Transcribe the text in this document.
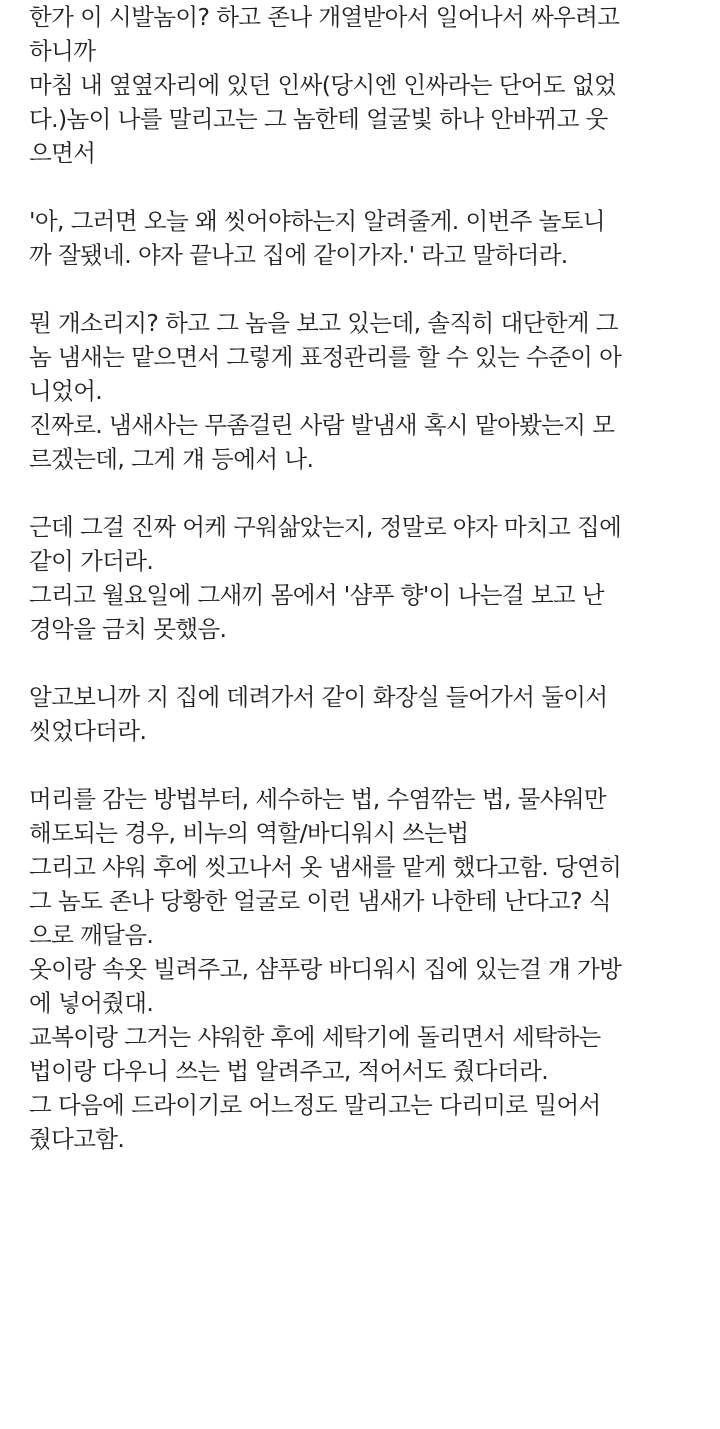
한가 이 시발놈이? 하고 존나 개열받아서 일어나서 싸우려고
하니까
마침 내 옆옆자리에 있던 인싸(당시엔 인싸라는 단어도 없었
다.)놈이 나를 말리고는 그 놈한테 얼굴빛 하나 안바뀌고 웃
으면서
'아, 그러면 오늘 왜 씻어야하는지 알려줄게. 이번주 놀토니
까 잘됐네. 야자 끝나고 집에 같이가자.' 라고 말하더라.
뭔 개소리지? 하고 그 놈을 보고 있는데, 솔직히 대단한게 그
놈 냄새는 맡으면서 그렇게 표정관리를 할 수 있는 수준이 아
니었어.
진짜로. 냄새사는 무좀걸린 사람 발냄새 혹시 맡아봤는지 모
르겠는데, 그게 걔 등에서 나.
근데 그걸 진짜 어케 구워삶았는지, 정말로 야자 마치고 집에
같이 가더라.
그리고 월요일에 그새끼 몸에서 '샴푸 향'이 나는걸 보고 난
경악을 금치 못했음.
알고보니까 지 집에 데려가서 같이 화장실 들어가서 둘이서
씻었다더라.
머리를 감는 방법부터, 세수하는 법, 수염깎는 법, 물샤워만
해도되는 경우, 비누의 역할/바디워시 쓰는법
그리고 샤워 후에 씻고나서 옷 냄새를 맡게 했다고함. 당연히
그 놈도 존나 당황한 얼굴로 이런 냄새가 나한테 난다고? 식
으로 깨달음.
옷이랑 속옷 빌려주고, 샴푸랑 바디워시 집에 있는걸 걔 가방
에 넣어줬대.
교복이랑 그거는 샤워한 후에 세탁기에 돌리면서 세탁하는
법이랑 다우니 쓰는 법 알려주고, 적어서도 줬다더라.
그 다음에 드라이기로 어느정도 말리고는 다리미로 밀어서
줬다고함.
